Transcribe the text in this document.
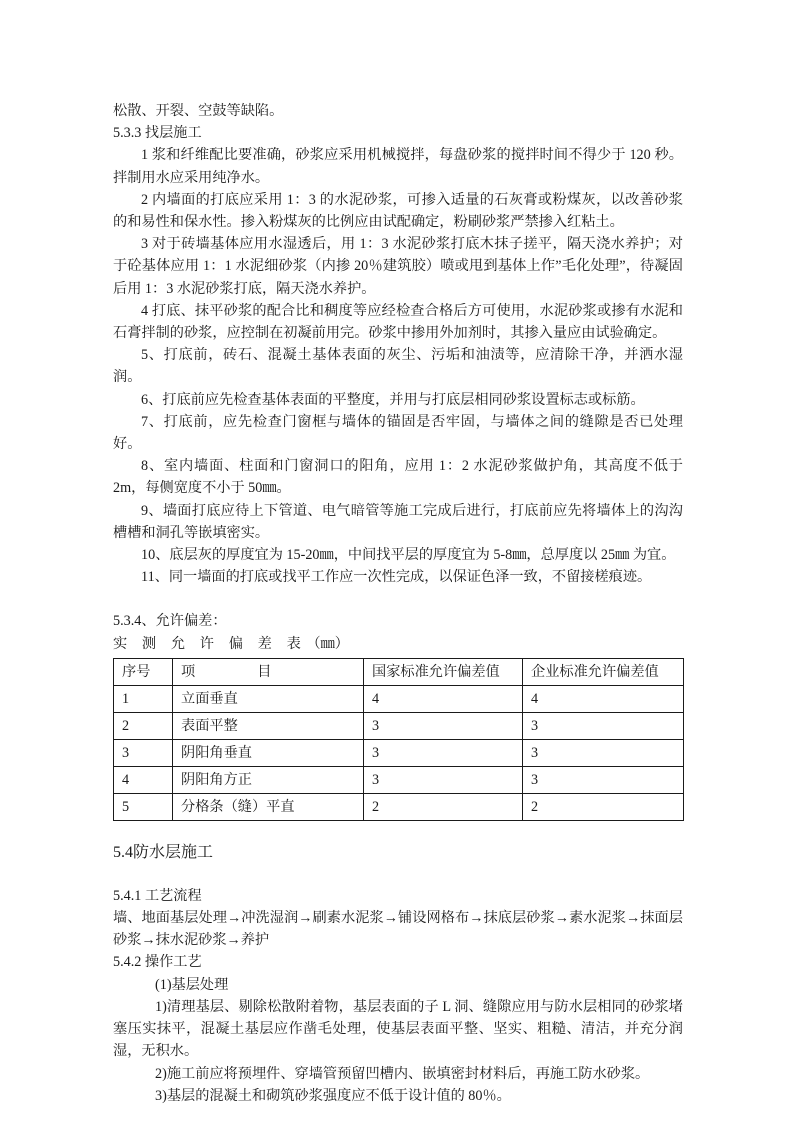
松散、开裂、空鼓等缺陷。

5.3.3 找层施工

1 浆和纤维配比要准确，砂浆应采用机械搅拌，每盘砂浆的搅拌时间不得少于 120 秒。拌制用水应采用纯净水。

2 内墙面的打底应采用 1：3 的水泥砂浆，可掺入适量的石灰膏或粉煤灰，以改善砂浆的和易性和保水性。掺入粉煤灰的比例应由试配确定，粉刷砂浆严禁掺入红粘土。

3 对于砖墙基体应用水湿透后，用 1：3 水泥砂浆打底木抹子搓平，隔天浇水养护；对于砼基体应用 1：1 水泥细砂浆（内掺 20％建筑胶）喷或甩到基体上作”毛化处理”，待凝固后用 1：3 水泥砂浆打底，隔天浇水养护。

4 打底、抹平砂浆的配合比和稠度等应经检查合格后方可使用，水泥砂浆或掺有水泥和石膏拌制的砂浆，应控制在初凝前用完。砂浆中掺用外加剂时，其掺入量应由试验确定。

5、打底前，砖石、混凝土基体表面的灰尘、污垢和油渍等，应清除干净，并洒水湿润。

6、打底前应先检查基体表面的平整度，并用与打底层相同砂浆设置标志或标筋。

7、打底前，应先检查门窗框与墙体的锚固是否牢固，与墙体之间的缝隙是否已处理好。

8、室内墙面、柱面和门窗洞口的阳角，应用 1：2 水泥砂浆做护角，其高度不低于 2m，每侧宽度不小于 50㎜。

9、墙面打底应待上下管道、电气暗管等施工完成后进行，打底前应先将墙体上的沟沟槽槽和洞孔等嵌填密实。

10、底层灰的厚度宜为 15-20㎜，中间找平层的厚度宜为 5-8㎜，总厚度以 25㎜ 为宜。

11、同一墙面的打底或找平工作应一次性完成，以保证色泽一致，不留接槎痕迹。

5.3.4、允许偏差：

实 测 允 许 偏 差 表（㎜）

序号	项 目	国家标准允许偏差值	企业标准允许偏差值
1	立面垂直	4	4
2	表面平整	3	3
3	阴阳角垂直	3	3
4	阴阳角方正	3	3
5	分格条（缝）平直	2	2

5.4防水层施工

5.4.1 工艺流程

墙、地面基层处理→冲洗湿润→刷素水泥浆→铺设网格布→抹底层砂浆→素水泥浆→抹面层砂浆→抹水泥砂浆→养护

5.4.2 操作工艺

(1)基层处理

1)清理基层、剔除松散附着物，基层表面的子 L 洞、缝隙应用与防水层相同的砂浆堵塞压实抹平，混凝土基层应作凿毛处理，使基层表面平整、坚实、粗糙、清洁，并充分润湿，无积水。

2)施工前应将预埋件、穿墙管预留凹槽内、嵌填密封材料后，再施工防水砂浆。

3)基层的混凝土和砌筑砂浆强度应不低于设计值的 80％。
